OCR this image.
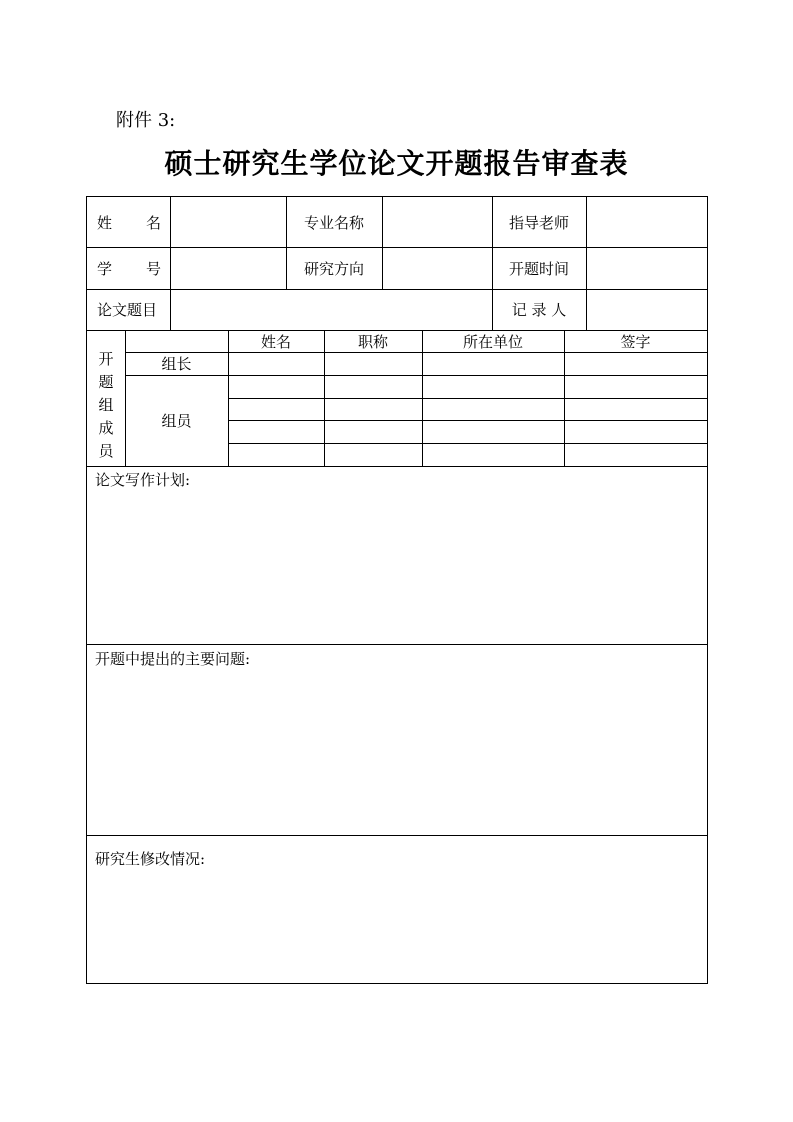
附件 3:
硕士研究生学位论文开题报告审查表
姓 名	专业名称	指导老师
学 号	研究方向	开题时间
论文题目	记 录 人
开
题
组
成
员
姓名	职称	所在单位	签字
组长
组员
论文写作计划:
开题中提出的主要问题:
研究生修改情况:
